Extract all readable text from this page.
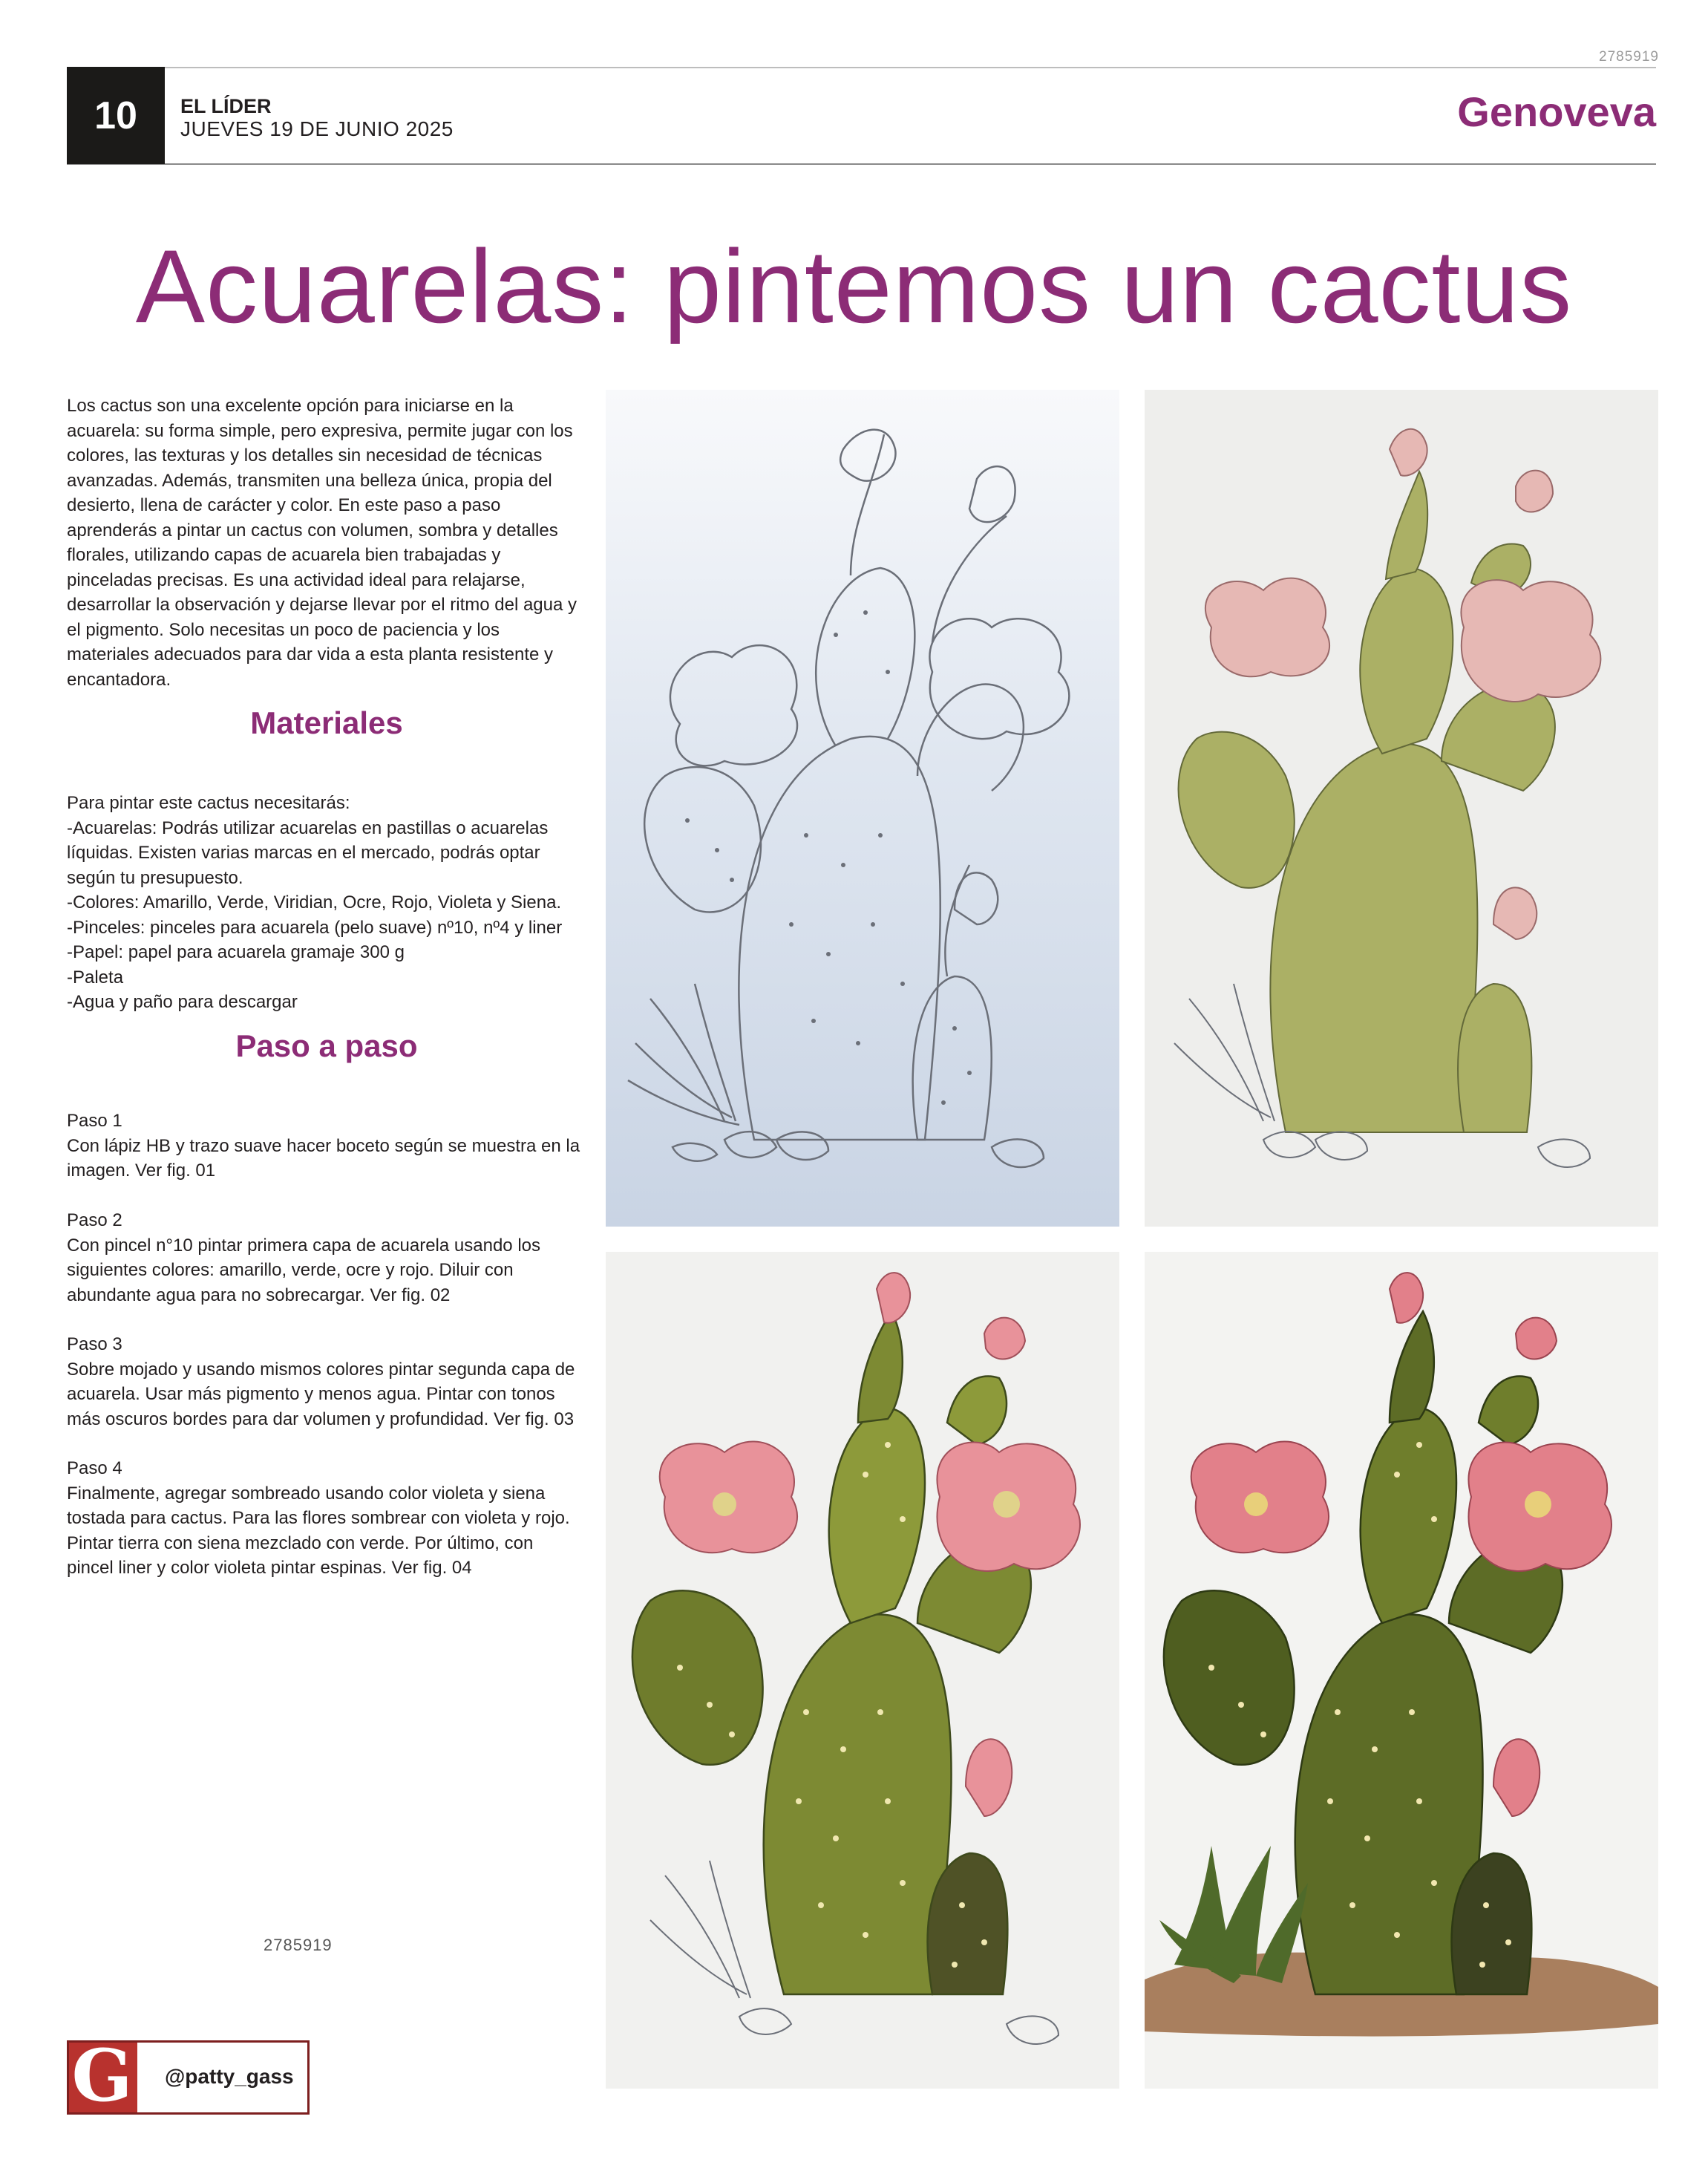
2785919
10	EL LÍDER
JUEVES 19 DE JUNIO 2025	Genoveva
Acuarelas: pintemos un cactus
Los cactus son una excelente opción para iniciarse en la
acuarela: su forma simple, pero expresiva, permite jugar con los
colores, las texturas y los detalles sin necesidad de técnicas
avanzadas. Además, transmiten una belleza única, propia del
desierto, llena de carácter y color. En este paso a paso
aprenderás a pintar un cactus con volumen, sombra y detalles
florales, utilizando capas de acuarela bien trabajadas y
pinceladas precisas. Es una actividad ideal para relajarse,
desarrollar la observación y dejarse llevar por el ritmo del agua y
el pigmento. Solo necesitas un poco de paciencia y los
materiales adecuados para dar vida a esta planta resistente y
encantadora.
Materiales
Para pintar este cactus necesitarás:
-Acuarelas: Podrás utilizar acuarelas en pastillas o acuarelas
líquidas. Existen varias marcas en el mercado, podrás optar
según tu presupuesto.
-Colores: Amarillo, Verde, Viridian, Ocre, Rojo, Violeta y Siena.
-Pinceles: pinceles para acuarela (pelo suave) nº10, nº4 y liner
-Papel: papel para acuarela gramaje 300 g
-Paleta
-Agua y paño para descargar
Paso a paso
Paso 1
Con lápiz HB y trazo suave hacer boceto según se muestra en la
imagen. Ver fig. 01
Paso 2
Con pincel n°10 pintar primera capa de acuarela usando los
siguientes colores: amarillo, verde, ocre y rojo. Diluir con
abundante agua para no sobrecargar. Ver fig. 02
Paso 3
Sobre mojado y usando mismos colores pintar segunda capa de
acuarela. Usar más pigmento y menos agua. Pintar con tonos
más oscuros bordes para dar volumen y profundidad. Ver fig. 03
Paso 4
Finalmente, agregar sombreado usando color violeta y siena
tostada para cactus. Para las flores sombrear con violeta y rojo.
Pintar tierra con siena mezclado con verde. Por último, con
pincel liner y color violeta pintar espinas. Ver fig. 04
2785919
G @patty_gass
